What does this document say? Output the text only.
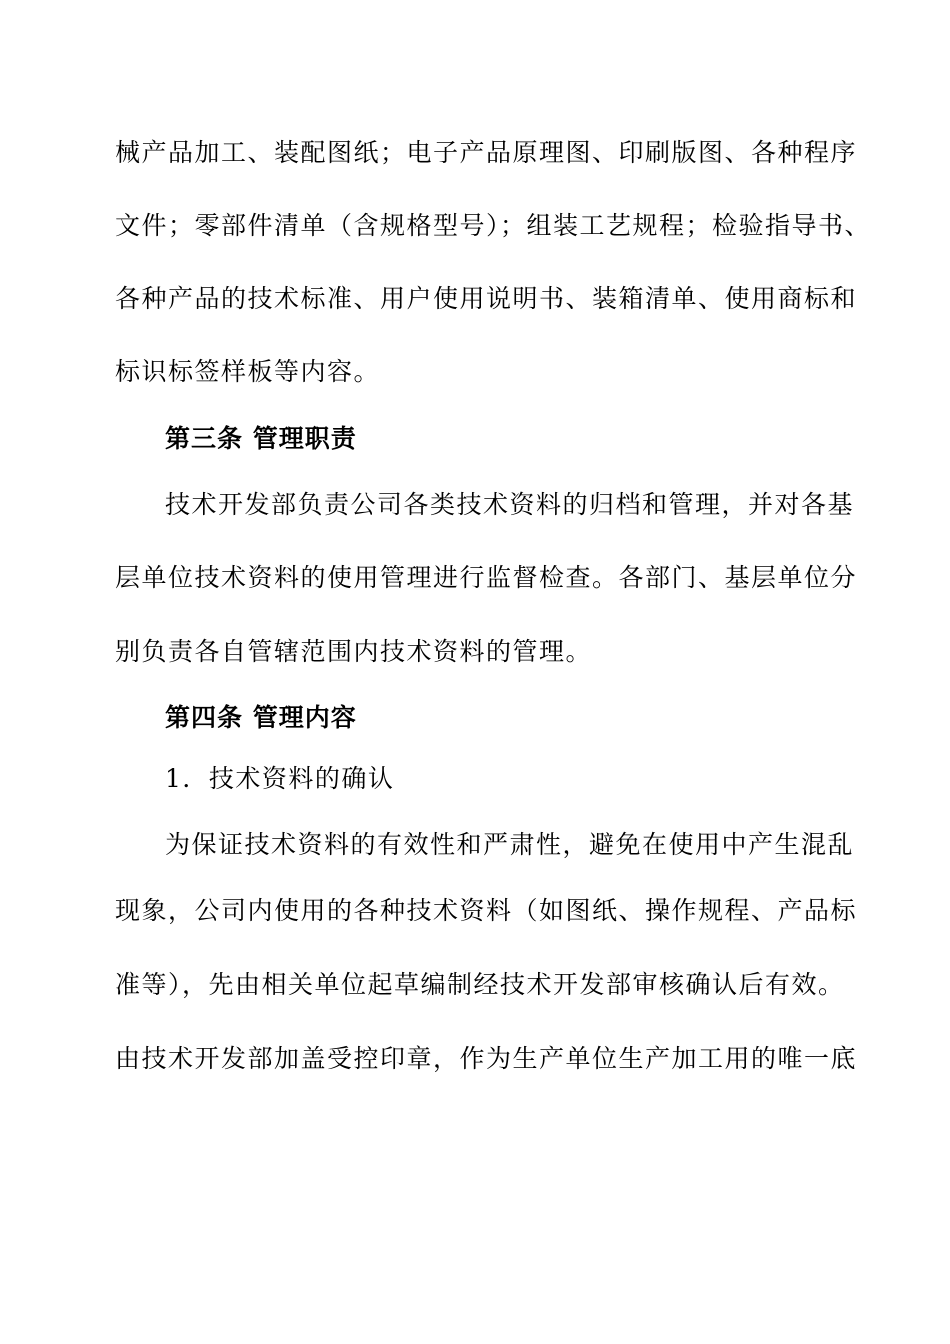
械产品加工、装配图纸；电子产品原理图、印刷版图、各种程序
文件；零部件清单（含规格型号）；组装工艺规程；检验指导书、
各种产品的技术标准、用户使用说明书、装箱清单、使用商标和
标识标签样板等内容。
第三条 管理职责
技术开发部负责公司各类技术资料的归档和管理，并对各基
层单位技术资料的使用管理进行监督检查。各部门、基层单位分
别负责各自管辖范围内技术资料的管理。
第四条 管理内容
1．技术资料的确认
为保证技术资料的有效性和严肃性，避免在使用中产生混乱
现象，公司内使用的各种技术资料（如图纸、操作规程、产品标
准等），先由相关单位起草编制经技术开发部审核确认后有效。
由技术开发部加盖受控印章，作为生产单位生产加工用的唯一底
